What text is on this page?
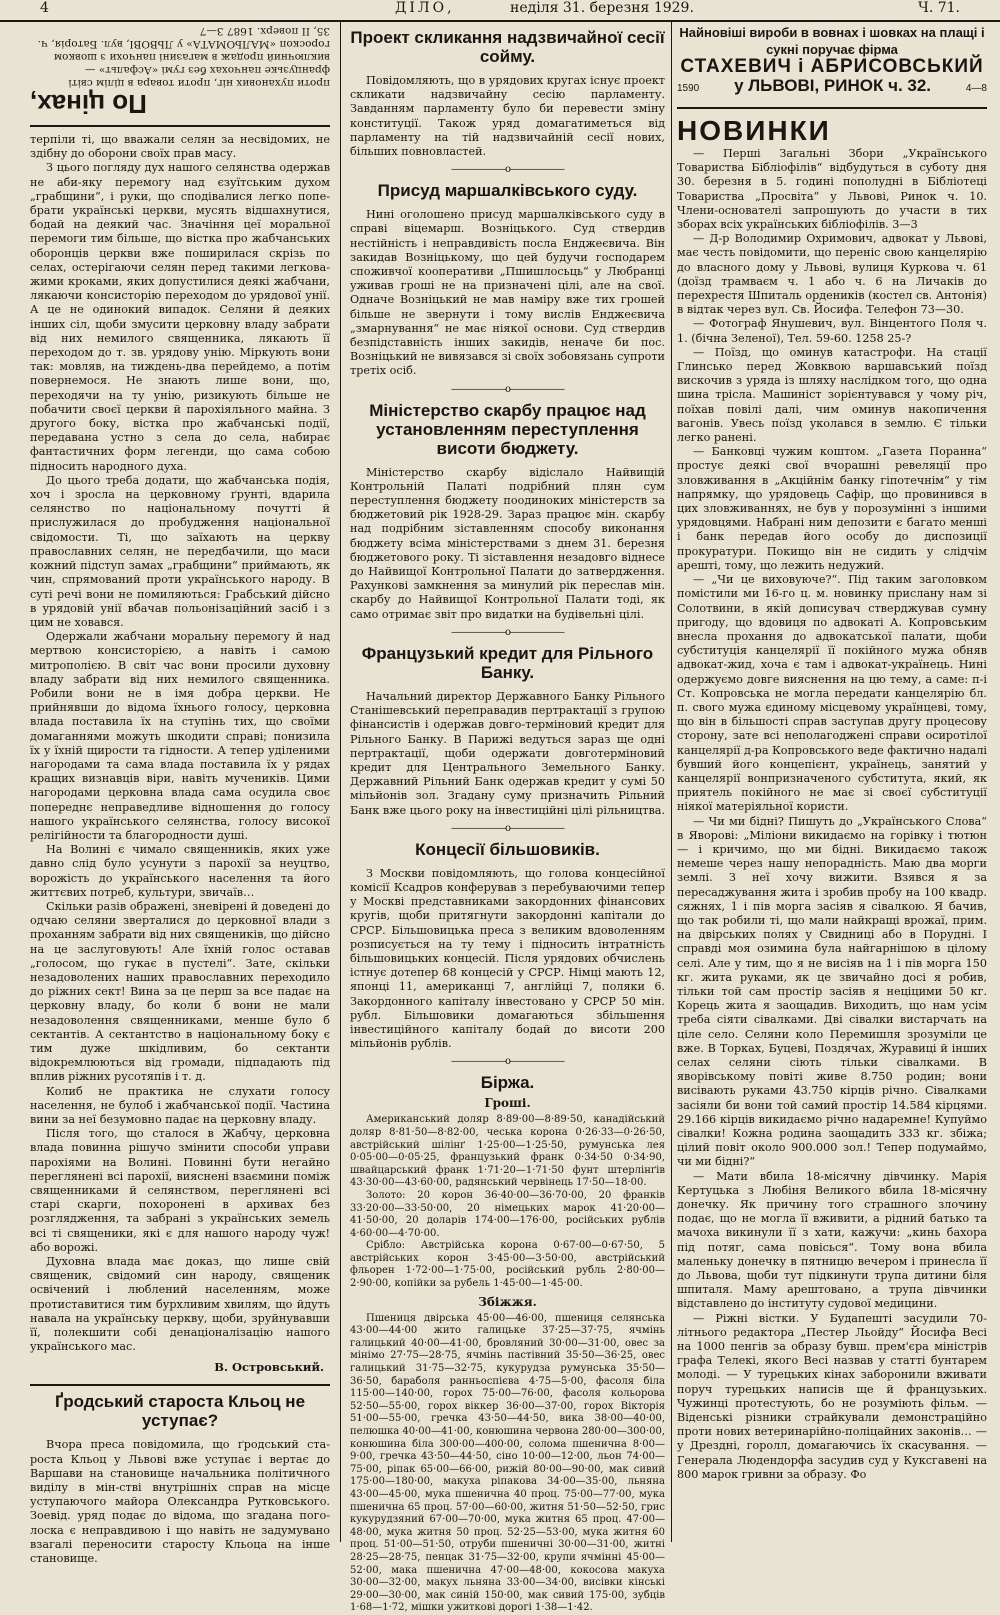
4	ДІЛО,	неділя 31. березня 1929.	Ч. 71.
По цінах,
проти пуханових ніг, проти товара в цілім світі французьке панчохах без гумі «Асфальт» — виключний продаж в магазині панчохи з шовком гороскоп «МАЛЬОМАТА» у ЛЬВОВІ, вул. Баторія, ч. 35, II поверх. 1687 3—7

терпіли ті, що вважали селян за несвідомих, не здібну до оборони своїх прав масу.

З цього погляду дух нашого селянства одержав не аби-яку перемогу над єзуїтським духом „грабщини“, і руки, що сподівалися легко попебрати українські церкви, мусять відшахнутися, бодай на деякий час. Значіння цеї моральної перемоги тим більше, що вістка про жабчанських оборонців церкви вже поширилася скрізь по селах, остерігаючи селян перед такими легковажими кроками, яких допустилися деякі жабчани, лякаючи консисторію переходом до урядової унії. А це не одинокий випадок. Селяни й деяких інших сіл, щоби змусити церковну владу забрати від них немилого священника, лякають її переходом до т. зв. урядову унію. Міркують вони так: мовляв, на тиждень-два перейдемо, а потім повернемося. Не знають лише вони, що, переходячи на ту унію, ризикують більше не побачити своєї церкви й парохіяльного майна. З другого боку, вістка про жабчанські події, передавана устно з села до села, набирає фантастичних форм легенди, що сама собою підносить народного духа.

До цього треба додати, що жабчанська подія, хоч і зросла на церковному ґрунті, вдарила селянство по національному почутті й прислужилася до пробудження національної свідомости. Ті, що заїхають на церкву православних селян, не передбачили, що маси кожний підступ замах „грабщини“ приймають, як чин, спрямований проти українського народу. В суті речі вони не помиляються: Грабський дійсно в урядовій унії вбачав польонізаційний засіб і з цим не ховався.

Одержали жабчани моральну перемогу й над мертвою консисторією, а навіть і самою митрополією. В світ час вони просили духовну владу забрати від них немилого священника. Робили вони не в імя добра церкви. Не прийнявши до відома їхнього голосу, церковна влада поставила їх на ступінь тих, що своїми домаганнями можуть шкодити справі; понизила їх у їхній щирости та гідности. А тепер уділеними нагородами та сама влада поставила їх у рядах кращих визнавців віри, навіть мучеників. Цими нагородами церковна влада сама осудила своє попереднє неправедливе відношення до голосу нашого українського селянства, голосу високої релігійности та благородности душі.

На Волині є чимало священників, яких уже давно слід було усунути з парохії за неуцтво, ворожість до українського населення та його життєвих потреб, культури, звичаїв…

Скільки разів ображені, зневірені й доведені до одчаю селяни зверталися до церковної влади з проханням забрати від них священиків, що дійсно на це заслуговують! Але їхній голос оставав „голосом, що гукає в пустелі“. Зате, скільки незадоволених наших православних переходило до ріжних сект! Вина за це перш за все падає на церковну владу, бо коли б вони не мали незадоволення священниками, менше було б сектантів. А сектантство в національному боку є тим дуже шкідливим, бо сектанти відокремлюються від громади, підпадають під вплив ріжних русотяпів і т. д.

Колиб не практика не слухати голосу населення, не булоб і жабчанської події. Частина вини за неї безумовно падає на церковну владу.

Після того, що сталося в Жабчу, церковна влада повинна рішучо змінити способи управи парохіями на Волині. Повинні бути негайно переглянені всі парохії, вияснені взаємини поміж священниками й селянством, переглянені всі старі скарги, похоронені в архивах без розглядження, та забрані з українських земель всі ті священики, які є для нашого народу чуж! або ворожі.

Духовна влада має доказ, що лише свій священик, свідомий син народу, священик освічений і люблений населенням, може протиставитися тим бурхливим хвилям, що йдуть навала на українську церкву, щоби, зруйнувавши її, полекшити собі денаціоналізацію нашого українського мас.

В. Островський.
Ґродський староста Кльоц не уступає?

Вчора преса повідомила, що ґродський староста Кльоц у Львові вже уступає і вертає до Варшави на становище начальника політичного виділу в мін-стві внутрішніх справ на місце уступаючого майора Олександра Рутковського. Зоевід. уряд подає до відома, що згадана поголоска є неправдивою і що навіть не задумувано взагалі переносити старосту Кльоца на інше становище.

Проект скликання надзвичайної сесії сойму.

Повідомляють, що в урядових кругах іcнує проект скликати надзвичайну сесію парламенту. Завданням парламенту було би перевести зміну конституції. Також уряд домагатиметься від парламенту на тій надзвичайній сесії нових, більших повновластей.

——————o——————
Присуд маршалківського суду.

Нині оголошено присуд маршалківського суду в справі віцемарш. Возніцького. Суд ствердив нестійність і неправдивість посла Енджеєвича. Він закидав Возніцькому, що цей будучи господарем споживчої кооперативи „Пшишлосьць“ у Любранці уживав гроші не на призначені цілі, але на свої. Одначе Возніцький не мав наміру вже тих грошей більше не звернути і тому вислів Енджеєвича „змарнування“ не має ніякої основи. Суд ствердив безпідставність інших закидів, неначе би пос. Возніцький не вивязався зі своїх зобовязань супроти третіх осіб.

——————o——————
Міністерство скарбу працює над установленням переступлення висоти бюджету.

Міністерство скарбу відіслало Найвищій Контрольній Палаті подрібний плян сум переступлення бюджету поодиноких міністерств за бюджетовий рік 1928-29. Зараз працює мін. скарбу над подрібним зіставленням способу виконання бюджету всіма міністерствами з днем 31. березня бюджетового року. Ті зіставлення незадовго віднесе до Найвищої Контрольної Палати до затвердження. Рахункові замкнення за минулий рік переслав мін. скарбу до Найвищої Контрольної Палати тоді, як само отримає звіт про видатки на будівельні цілі.

——————o——————
Французький кредит для Рільного Банку.

Начальний директор Державного Банку Рільного Станішевський переправадив пертрактації з групою фінансистів і одержав довго-терміновий кредит для Рільного Банку. В Парижі ведуться зараз ще одні пертрактації, щоби одержати довготерміновий кредит для Центрального Земельного Банку. Державний Рільний Банк одержав кредит у сумі 50 мільйонів зол. Згадану суму призначить Рільний Банк вже цього року на інвестиційні цілі рільництва.

——————o——————
Концесії більшовиків.

З Москви повідомляють, що голова концесійної комісії Ксадров конферував з перебуваючими тепер у Москві представниками закордонних фінансових кругів, щоби притягнути закордонні капітали до СРСР. Більшовицька преса з великим вдоволенням розписується на ту тему і підносить інтратність більшовицьких концесій. Після урядових обчислень істнує дотепер 68 концесій у СРСР. Німці мають 12, японці 11, американці 7, англійці 7, поляки 6. Закордонного капіталу інвестовано у СРСР 50 мін. рубл. Більшовики домагаються збільшення інвестиційного капіталу бодай до висоти 200 мільйонів рублів.

——————o——————
Біржа.
Гроші.

Американський доляр 8·89·00—8·89·50, канадійський доляр 8·81·50—8·82·00, чеська корона 0·26·33—0·26·50, австрійський шілінґ 1·25·00—1·25·50, румунська лея 0·05·00—0·05·25, французький франк 0·34·50 0·34·90, швайцарський франк 1·71·20—1·71·50 фунт штерлінґів 43·30·00—43·60·00, радянський червінець 17·50—18·00.

Золото: 20 корон 36·40·00—36·70·00, 20 франків 33·20·00—33·50·00, 20 німецьких марок 41·20·00—41·50·00, 20 доларів 174·00—176·00, російських рублів 4·60·00—4·70·00.

Срібло: Австрійська корона 0·67·00—0·67·50, 5 австрійських корон 3·45·00—3·50·00, австрійський фльорен 1·72·00—1·75·00, російський рубль 2·80·00—2·90·00, копійки за рубель 1·45·00—1·45·00.

Збіжжя.

Пшениця двірська 45·00—46·00, пшениця селянська 43·00—44·00 жито галицьке 37·25—37·75, ячмінь галицький 40·00—41·00, бровляний 30·00—31·00, овес за мінімо 27·75—28·75, ячмінь пастівний 35·50—36·25, овес галицький 31·75—32·75, кукурудза румунська 35·50—36·50, бараболя ранньоспієва 4·75—5·00, фасоля біла 115·00—140·00, горох 75·00—76·00, фасоля кольорова 52·50—55·00, горох віккер 36·00—37·00, горох Вікторія 51·00—55·00, гречка 43·50—44·50, вика 38·00—40·00, пелюшка 40·00—41·00, конюшина червона 280·00—300·00, конюшина біла 300·00—400·00, солома пшенична 8·00—9·00, гречка 43·50—44·50, сіно 10·00—12·00, льон 74·00—75·00, ріпак 65·00—66·00, рижій 80·00—90·00, мак сивий 175·00—180·00, макуха ріпакова 34·00—35·00, льняна 43·00—45·00, мука пшенична 40 проц. 75·00—77·00, мука пшенична 65 проц. 57·00—60·00, житня 51·50—52·50, грис кукурудзяний 67·00—70·00, мука житня 65 проц. 47·00—48·00, мука житня 50 проц. 52·25—53·00, мука житня 60 проц. 51·00—51·50, отруби пшеничні 30·00—31·00, житні 28·25—28·75, пенцак 31·75—32·00, крупи ячмінні 45·00—52·00, мака пшенична 47·00—48·00, кокосова макуха 30·00—32·00, макух льняна 33·00—34·00, висівки кінські 29·00—30·00, мак синій 150·00, мак сивий 175·00, зубців 1·68—1·72, мішки ужиткові дорогі 1·38—1·42.

Найновіші вироби в вовнах і шовках на плащі і сукні поручає фірма
СТАХЕВИЧ і АБРИСОВСЬКИЙ
1590 у ЛЬВОВІ, РИНОК ч. 32.	4—8
НОВИНКИ

— Перші Загальні Збори „Українського Товариства Бібліофілів“ відбудуться в суботу дня 30. березня в 5. годині пополудні в Бібліотеці Товариства „Просвіта“ у Львові, Ринок ч. 10. Члени-основателі запрошують до участи в тих зборах всіх українських бібліофілів. 3—3

— Д-р Володимир Охримович, адвокат у Львові, має честь повідомити, що переніс свою канцелярію до власного дому у Львові, вулиця Куркова ч. 61 (доїзд трамваєм ч. 1 або ч. 6 на Личаків до перехрестя Шпиталь ордеників (костел св. Антонія) в відтак через вул. Св. Йосифа. Телефон 73—30.

— Фотограф Янушевич, вул. Вінцентого Поля ч. 1. (бічна Зеленої), Тел. 59-60. 1258 25-?

— Поїзд, що оминув катастрофи. На стації Глинсько перед Жовквою варшавський поїзд вискочив з уряда із шляху наслідком того, що одна шина тріcла. Машиніст зорієнтувався у чому річ, поїхав повілі далі, чим оминув накопичення вагонів. Увесь поїзд уколався в землю. Є тільки легко ранені.

— Банковці чужим коштом. „Газета Поранна“ простує деякі свої вчорашні ревеляції про зловживання в „Акційнім банку гіпотечнім“ у тім напрямку, що урядовець Сафір, що провинився в цих зловживаннях, не був у порозумінні з іншими урядовцями. Набрані ним депозити є багато менші і банк передав його особу до диспозиції прокуратури. Покищо він не сидить у слідчім арешті, тому, що лежить недужий.

— „Чи це виховуюче?“. Під таким заголовком помістили ми 16-го ц. м. новинку прислану нам зі Солотвини, в якій дописувач стверджував сумну пригоду, що вдовиця по адвокаті А. Копровським внесла прохання до адвокатської палати, щоби субституція канцелярії її покійного мужа обняв адвокат-жид, хоча є там і адвокат-українець. Нині одержуємо довге вияснення на цю тему, а саме: п-і Ст. Копровська не могла передати канцелярію бл. п. свого мужа єдиному місцевому українцеві, тому, що він в більшості справ заступав другу процесову сторону, зате всі неполагоджені справи осиротілої канцелярії д-ра Копровського веде фактично надалі бувший його концепієнт, українець, занятий у канцелярії вонпризначеного субститута, який, як приятель покійного не має зі своєї субституції ніякої матеріяльної користи.

— Чи ми бідні? Пишуть до „Українського Слова“ в Яворові: „Міліони викидаємо на горівку і тютюн — і кричимо, що ми бідні. Викидаємо також немеше через нашу непорадність. Маю два морги землі. З неї хочу вижити. Взявся я за пересаджування жита і зробив пробу на 100 квадр. сяжнях, 1 і пів морга засіяв я сівалкою. Я бачив, що так робили ті, що мали найкращі врожаї, прим. на двірських полях у Свидниці або в Порудні. І справді моя озимина була найгарнішою в цілому селі. Але у тим, що я не висіяв на 1 і пів морга 150 кг. жита руками, як це звичайно досі я робив, тільки той сам простір засіяв я неціцими 50 кг. Корець жита я заощадив. Виходить, що нам усім треба сіяти сівалками. Дві сівалки вистарчать на ціле село. Селяни коло Перемишля зрозуміли це вже. В Торках, Буцеві, Поздячах, Журавиці й інших селах селяни сіють тільки сівалками. В яворівському повіті живе 8.750 родин; вони висівають руками 43.750 кірців річно. Сівалками засіяли би вони той самий простір 14.584 кірцями. 29.166 кірців викидаємо річно надаремне! Купуймо сівалки! Кожна родина заощадить 333 кг. збіжа; цілий повіт около 900.000 зол.! Тепер подумаймо, чи ми бідні?“

— Мати вбила 18-місячну дівчинку. Марія Кертуцька з Любіня Великого вбила 18-місячну донечку. Як причину того страшного злочину подає, що не могла її вживити, а рідний батько та мачоха викинули її з хати, кажучи: „кинь бахора під потяг, сама повісься“. Тому вона вбила маленьку донечку в пятницю вечером і принесла її до Львова, щоби тут підкинути трупа дитини біля шпиталя. Маму арештовано, а трупа дівчинки відставлено до інституту судової медицини.

— Ріжні вістки. У Будапешті засудили 70-літнього редактора „Пестер Льойду“ Йосифа Весі на 1000 пенгів за образу бувш. прем'єра міністрів графа Телекі, якого Весі назвав у статті бунтарем молоді. — У турецьких кінах заборонили вживати поруч турецьких написів ще й французьких. Чужинці протестують, бо не розуміють фільм. — Віденські різники страйкували демонстраційно проти нових ветеринарійно-поліцайних законів… — у Дрездні, горолл, домагаючись їх скасування. — Генерала Людендорфа засудив суд у Кукcгавені на 800 марок гривни за образу. Фо
